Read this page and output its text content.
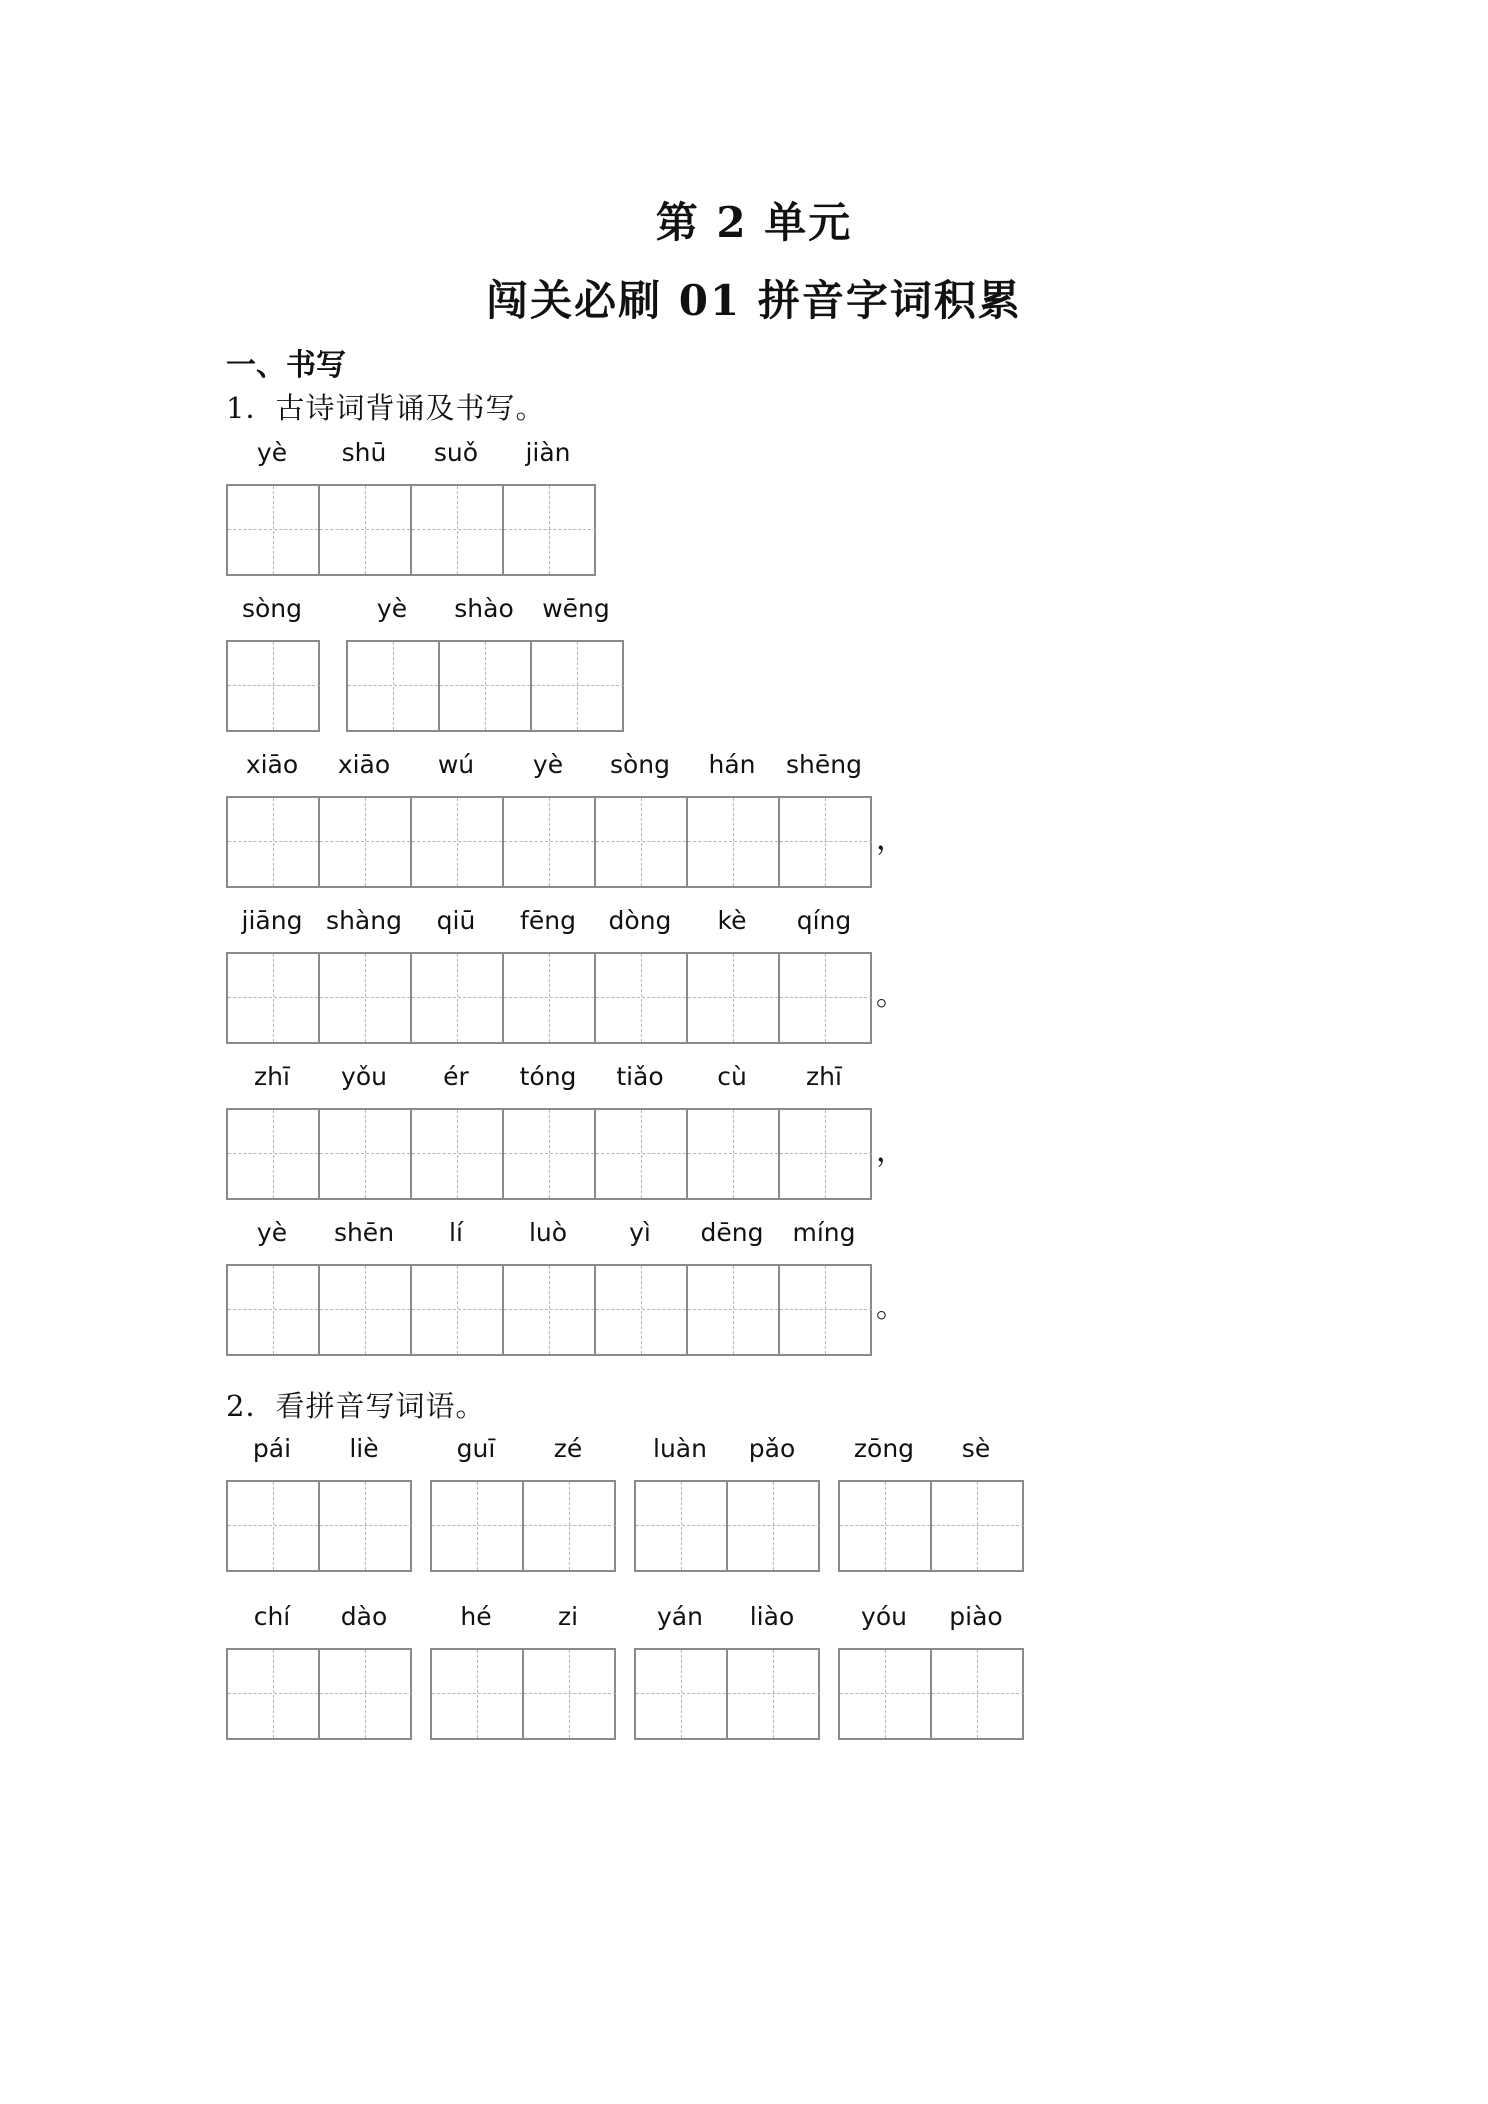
第 2 单元
闯关必刷 01 拼音字词积累
一、书写
1．古诗词背诵及书写。
yè	shū	suǒ	jiàn
sòng	yè	shào	wēng
xiāo	xiāo	wú	yè	sòng	hán	shēng
，
jiāng shàng	qiū	fēng	dòng	kè	qíng
。
zhī	yǒu	ér	tóng	tiǎo	cù	zhī
，
yè	shēn	lí	luò	yì	dēng	míng
。
2．看拼音写词语。
pái	liè	guī	zé	luàn	pǎo	zōng	sè
chí	dào	hé	zi	yán	liào	yóu	piào
